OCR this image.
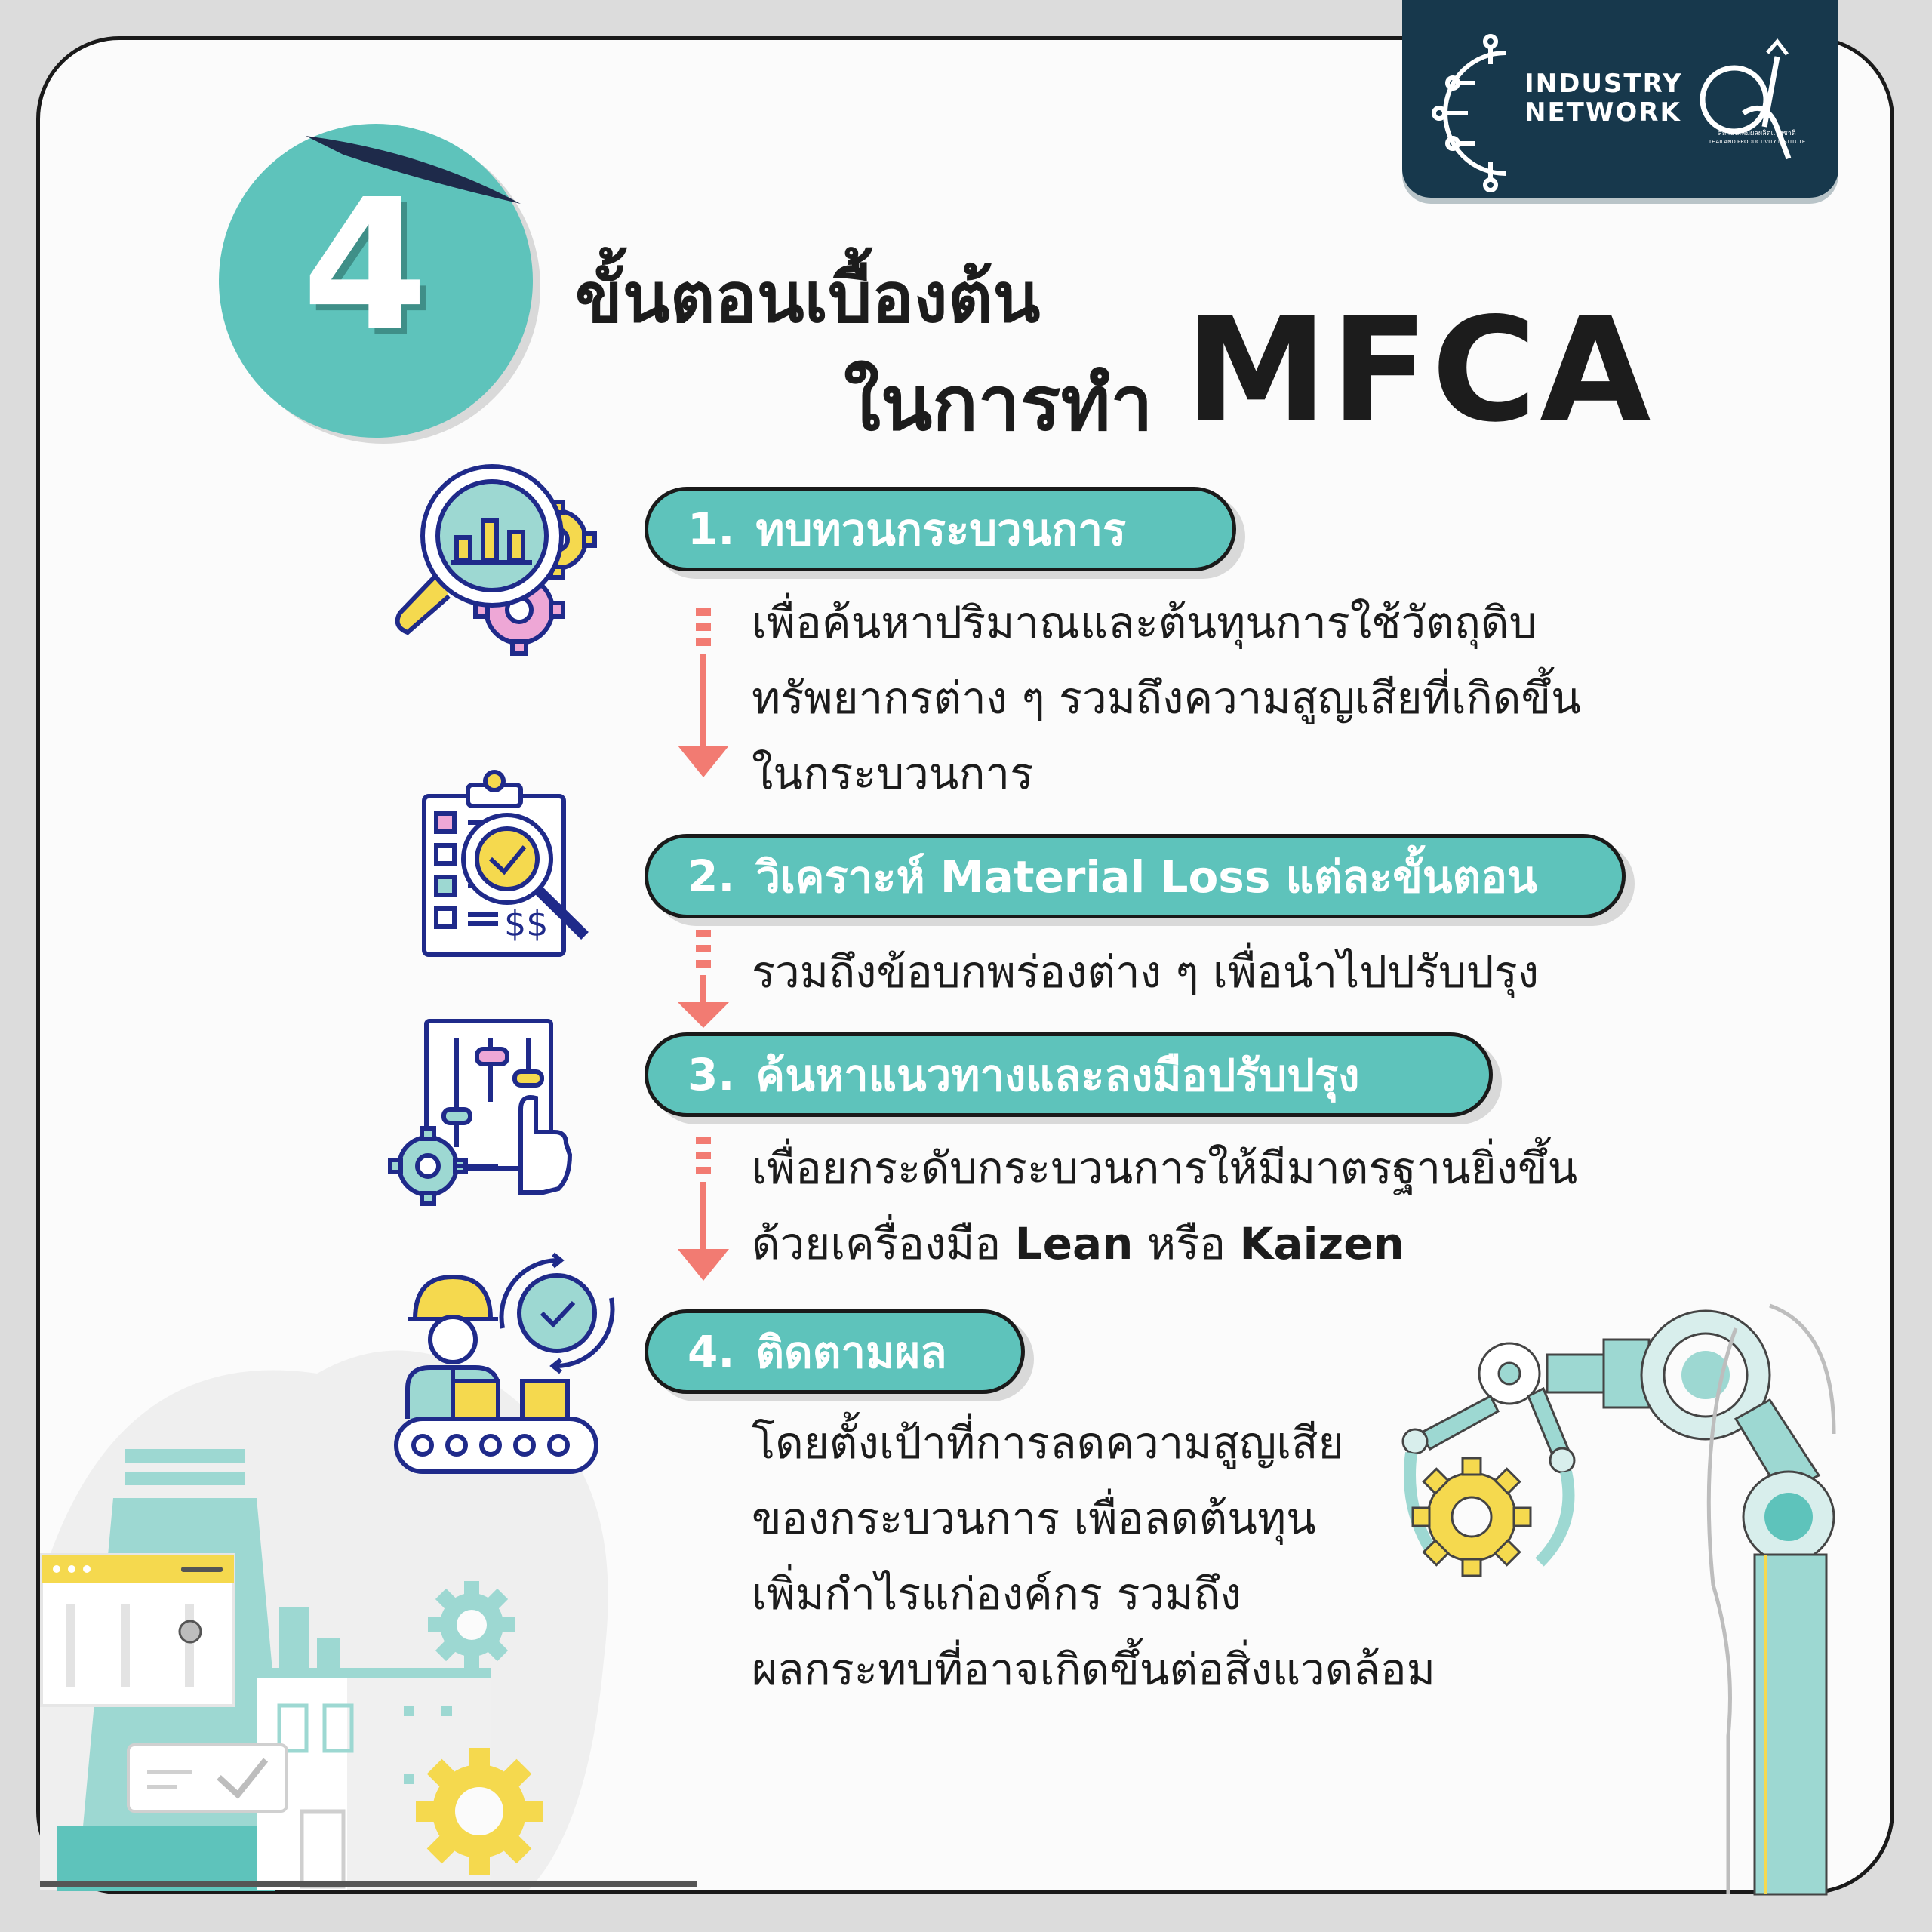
INDUSTRY
NETWORK
สถาบันเพิ่มผลผลิตแห่งชาติ
THAILAND PRODUCTIVITY INSTITUTE
4 ขั้นตอนเบื้องต้น
ในการทำ MFCA
$$
1. ทบทวนกระบวนการ
2. วิเคราะห์ Material Loss แต่ละขั้นตอน
3. ค้นหาแนวทางและลงมือปรับปรุง
4. ติดตามผล
เพื่อค้นหาปริมาณและต้นทุนการใช้วัตถุดิบ
ทรัพยากรต่าง ๆ รวมถึงความสูญเสียที่เกิดขึ้น
ในกระบวนการ
รวมถึงข้อบกพร่องต่าง ๆ เพื่อนำไปปรับปรุง
เพื่อยกระดับกระบวนการให้มีมาตรฐานยิ่งขึ้น
ด้วยเครื่องมือ Lean หรือ Kaizen
โดยตั้งเป้าที่การลดความสูญเสีย
ของกระบวนการ เพื่อลดต้นทุน
เพิ่มกำไรแก่องค์กร รวมถึง
ผลกระทบที่อาจเกิดขึ้นต่อสิ่งแวดล้อม
